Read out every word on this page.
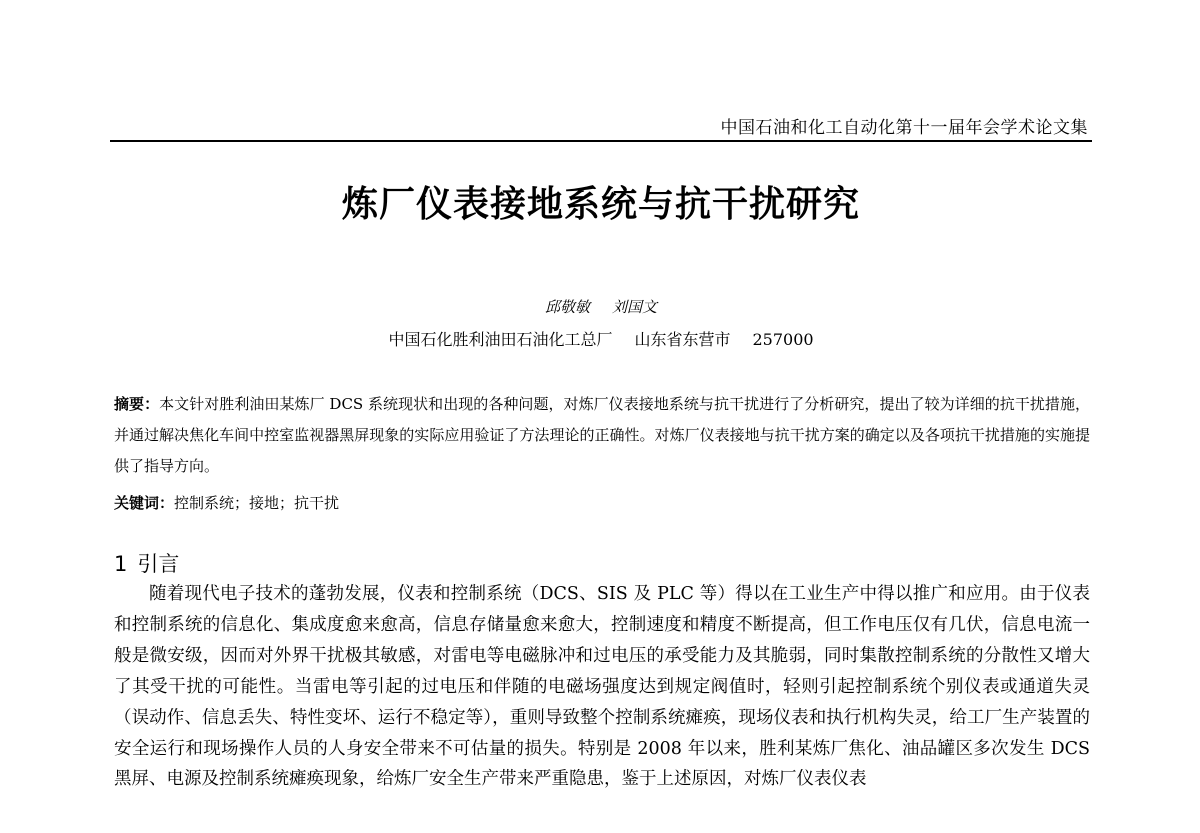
中国石油和化工自动化第十一届年会学术论文集
炼厂仪表接地系统与抗干扰研究
邱敬敏 刘国文
中国石化胜利油田石油化工总厂 山东省东营市 257000
摘要：本文针对胜利油田某炼厂 DCS 系统现状和出现的各种问题，对炼厂仪表接地系统与抗干扰进行了分析研究，提出了较为详细的抗干扰措施，并通过解决焦化车间中控室监视器黑屏现象的实际应用验证了方法理论的正确性。对炼厂仪表接地与抗干扰方案的确定以及各项抗干扰措施的实施提供了指导方向。
关键词：控制系统；接地；抗干扰
1 引言
随着现代电子技术的蓬勃发展，仪表和控制系统（DCS、SIS 及 PLC 等）得以在工业生产中得以推广和应用。由于仪表和控制系统的信息化、集成度愈来愈高，信息存储量愈来愈大，控制速度和精度不断提高，但工作电压仅有几伏，信息电流一般是微安级，因而对外界干扰极其敏感，对雷电等电磁脉冲和过电压的承受能力及其脆弱，同时集散控制系统的分散性又增大了其受干扰的可能性。当雷电等引起的过电压和伴随的电磁场强度达到规定阀值时，轻则引起控制系统个别仪表或通道失灵（误动作、信息丢失、特性变坏、运行不稳定等），重则导致整个控制系统瘫痪，现场仪表和执行机构失灵，给工厂生产装置的安全运行和现场操作人员的人身安全带来不可估量的损失。特别是 2008 年以来，胜利某炼厂焦化、油品罐区多次发生 DCS 黑屏、电源及控制系统瘫痪现象，给炼厂安全生产带来严重隐患，鉴于上述原因，对炼厂仪表仪表
